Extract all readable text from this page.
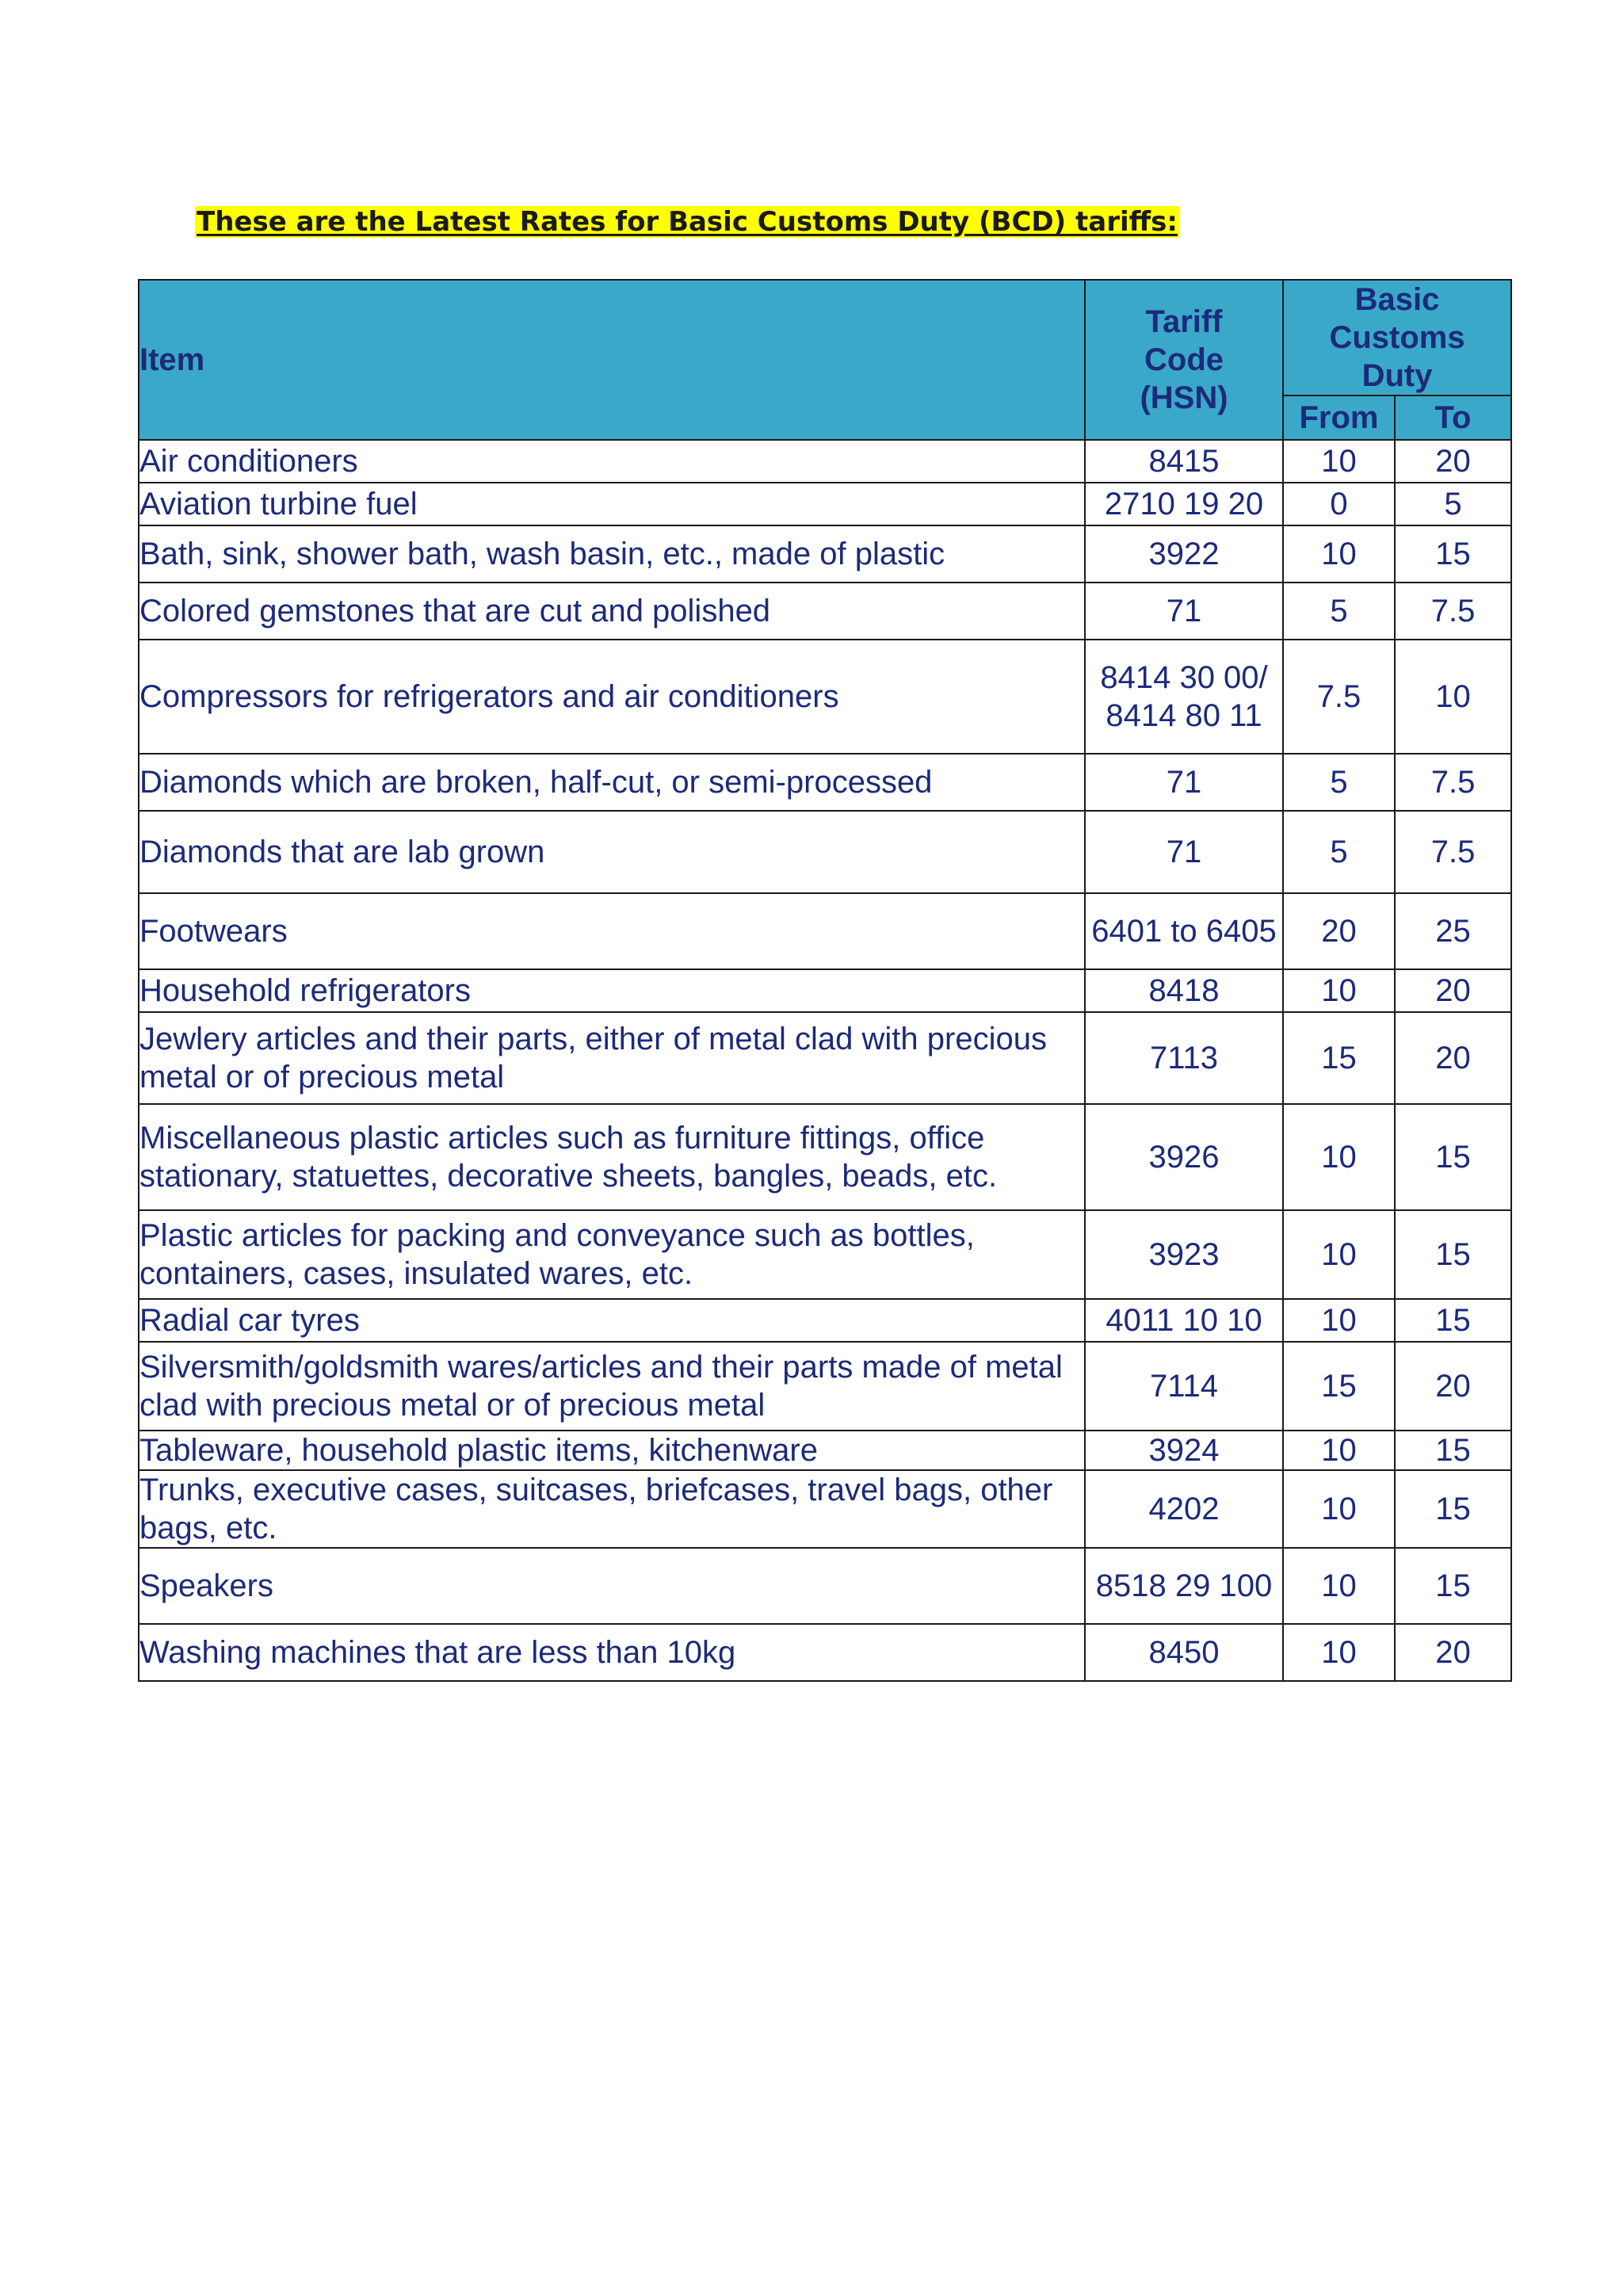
These are the Latest Rates for Basic Customs Duty (BCD) tariffs:
Item	Tariff
Code
(HSN)	Basic
Customs
Duty	

		From	To
Air conditioners	8415	10	20
Aviation turbine fuel	2710 19 20	0	5
Bath, sink, shower bath, wash basin, etc., made of plastic	3922	10	15
Colored gemstones that are cut and polished	71	5	7.5
Compressors for refrigerators and air conditioners	8414 30 00/ 8414 80 11	7.5	10
Diamonds which are broken, half-cut, or semi-processed	71	5	7.5
Diamonds that are lab grown	71	5	7.5
Footwears	6401 to 6405	20	25
Household refrigerators	8418	10	20
Jewlery articles and their parts, either of metal clad with precious metal or of precious metal	7113	15	20
Miscellaneous plastic articles such as furniture fittings, office stationary, statuettes, decorative sheets, bangles, beads, etc.	3926	10	15
Plastic articles for packing and conveyance such as bottles, containers, cases, insulated wares, etc.	3923	10	15
Radial car tyres	4011 10 10	10	15
Silversmith/goldsmith wares/articles and their parts made of metal clad with precious metal or of precious metal	7114	15	20
Tableware, household plastic items, kitchenware	3924	10	15
Trunks, executive cases, suitcases, briefcases, travel bags, other bags, etc.	4202	10	15
Speakers	8518 29 100	10	15
Washing machines that are less than 10kg	8450	10	20
